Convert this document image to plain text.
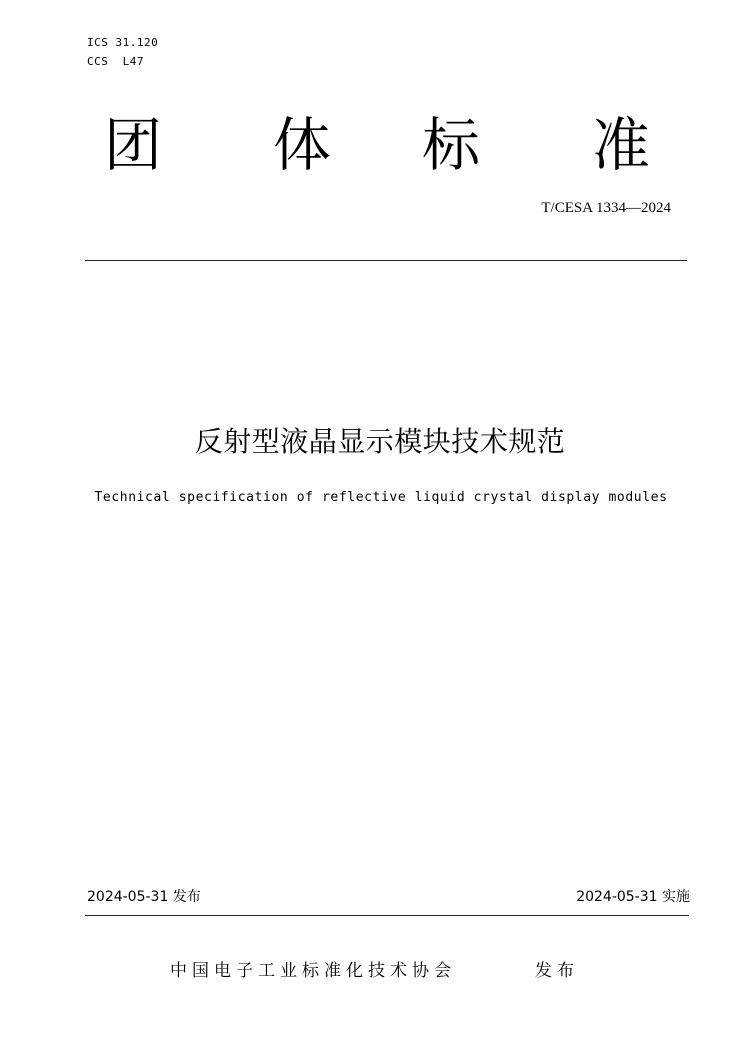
ICS 31.120
CCS  L47
团 体 标 准
T/CESA 1334—2024
反射型液晶显示模块技术规范
Technical specification of reflective liquid crystal display modules
2024-05-31 发布	2024-05-31 实施
中国电子工业标准化技术协会	发布
